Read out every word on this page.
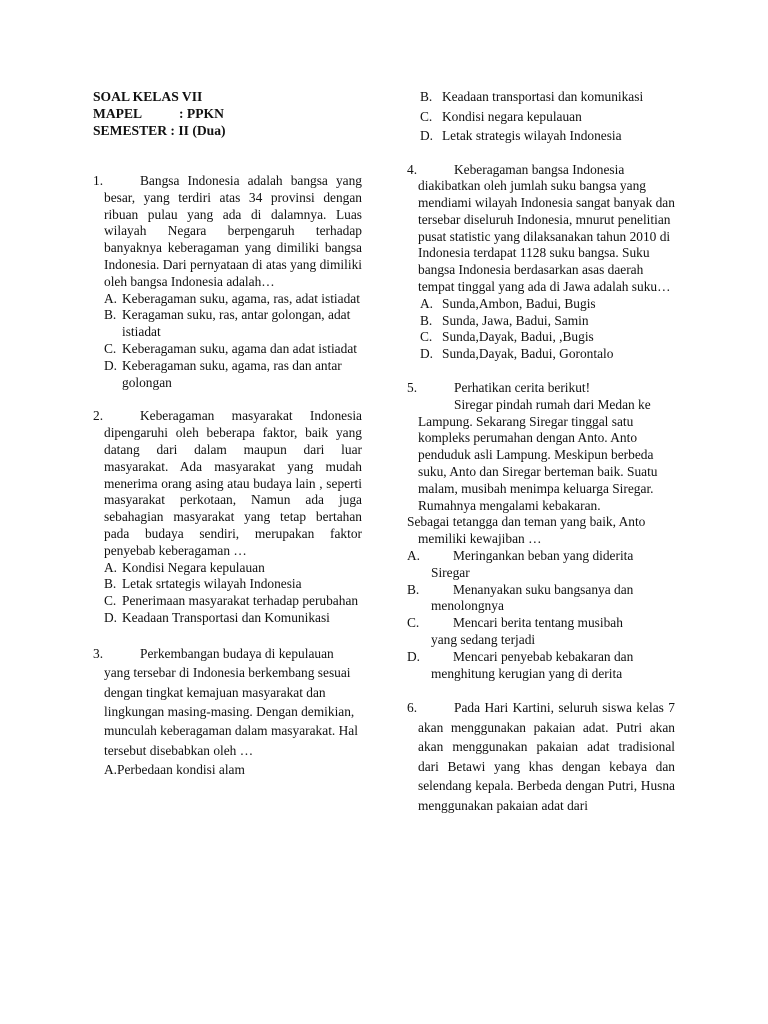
SOAL KELAS VII
MAPEL	: PPKN
SEMESTER : II (Dua)
1.	Bangsa Indonesia adalah bangsa yang besar, yang terdiri atas 34 provinsi dengan ribuan pulau yang ada di dalamnya. Luas wilayah Negara berpengaruh terhadap banyaknya keberagaman yang dimiliki bangsa Indonesia. Dari pernyataan di atas yang dimiliki oleh bangsa Indonesia adalah…
A. Keberagaman suku, agama, ras, adat istiadat
B. Keragaman suku, ras, antar golongan, adat istiadat
C. Keberagaman suku, agama dan adat istiadat
D. Keberagaman suku, agama, ras dan antar golongan
2.	Keberagaman masyarakat Indonesia dipengaruhi oleh beberapa faktor, baik yang datang dari dalam maupun dari luar masyarakat. Ada masyarakat yang mudah menerima orang asing atau budaya lain , seperti masyarakat perkotaan, Namun ada juga sebahagian masyarakat yang tetap bertahan pada budaya sendiri, merupakan faktor penyebab keberagaman …
A. Kondisi Negara kepulauan
B. Letak srtategis wilayah Indonesia
C. Penerimaan masyarakat terhadap perubahan
D. Keadaan Transportasi dan Komunikasi
3.	Perkembangan budaya di kepulauan yang tersebar di Indonesia berkembang sesuai dengan tingkat kemajuan masyarakat dan lingkungan masing-masing. Dengan demikian, munculah keberagaman dalam masyarakat. Hal tersebut disebabkan oleh …
A. Perbedaan kondisi alam
B. Keadaan transportasi dan komunikasi
C. Kondisi negara kepulauan
D. Letak strategis wilayah Indonesia
4.	Keberagaman bangsa Indonesia diakibatkan oleh jumlah suku bangsa yang mendiami wilayah Indonesia sangat banyak dan tersebar diseluruh Indonesia, mnurut penelitian pusat statistic yang dilaksanakan tahun 2010 di Indonesia terdapat 1128 suku bangsa. Suku bangsa Indonesia berdasarkan asas daerah tempat tinggal yang ada di Jawa adalah suku…
A. Sunda,Ambon, Badui, Bugis
B. Sunda, Jawa, Badui, Samin
C. Sunda,Dayak, Badui, ,Bugis
D. Sunda,Dayak, Badui, Gorontalo
5.	Perhatikan cerita berikut!
Siregar pindah rumah dari Medan ke Lampung. Sekarang Siregar tinggal satu kompleks perumahan dengan Anto. Anto penduduk asli Lampung. Meskipun berbeda suku, Anto dan Siregar berteman baik. Suatu malam, musibah menimpa keluarga Siregar. Rumahnya mengalami kebakaran.
Sebagai tetangga dan teman yang baik, Anto memiliki kewajiban …
A. Meringankan beban yang diderita
Siregar
B.	Menanyakan suku bangsanya dan
menolongnya
C.	Mencari berita tentang musibah
yang sedang terjadi
D. Mencari penyebab kebakaran dan
menghitung kerugian yang di derita
6.	Pada Hari Kartini, seluruh siswa kelas 7 akan menggunakan pakaian adat. Putri akan akan menggunakan pakaian adat tradisional dari Betawi yang khas dengan kebaya dan selendang kepala. Berbeda dengan Putri, Husna menggunakan pakaian adat dari
